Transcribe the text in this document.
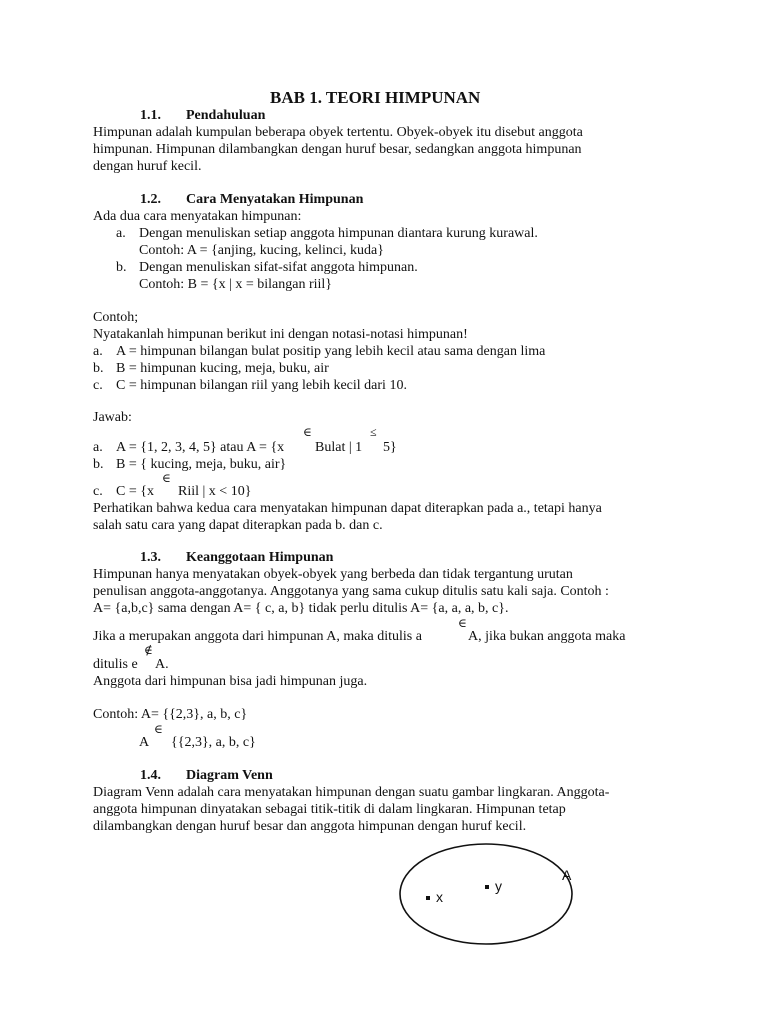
BAB 1. TEORI HIMPUNAN
1.1. Pendahuluan
Himpunan adalah kumpulan beberapa obyek tertentu. Obyek-obyek itu disebut anggota
himpunan. Himpunan dilambangkan dengan huruf besar, sedangkan anggota himpunan
dengan huruf kecil.
1.2. Cara Menyatakan Himpunan
Ada dua cara menyatakan himpunan:
a. Dengan menuliskan setiap anggota himpunan diantara kurung kurawal.
Contoh: A = {anjing, kucing, kelinci, kuda}
b. Dengan menuliskan sifat-sifat anggota himpunan.
Contoh: B = {x | x = bilangan riil}
Contoh;
Nyatakanlah himpunan berikut ini dengan notasi-notasi himpunan!
a. A = himpunan bilangan bulat positip yang lebih kecil atau sama dengan lima
b. B = himpunan kucing, meja, buku, air
c. C = himpunan bilangan riil yang lebih kecil dari 10.
Jawab:
∈	≤
a. A = {1, 2, 3, 4, 5} atau A = {x Bulat | 1 5}
b. B = { kucing, meja, buku, air}
∈
c. C = {x Riil | x < 10}
Perhatikan bahwa kedua cara menyatakan himpunan dapat diterapkan pada a., tetapi hanya
salah satu cara yang dapat diterapkan pada b. dan c.
1.3. Keanggotaan Himpunan
Himpunan hanya menyatakan obyek-obyek yang berbeda dan tidak tergantung urutan
penulisan anggota-anggotanya. Anggotanya yang sama cukup ditulis satu kali saja. Contoh :
A= {a,b,c} sama dengan A= { c, a, b} tidak perlu ditulis A= {a, a, a, b, c}.
∈
Jika a merupakan anggota dari himpunan A, maka ditulis a	A, jika bukan anggota maka
∉
ditulis e A.
Anggota dari himpunan bisa jadi himpunan juga.
Contoh: A= {{2,3}, a, b, c}
∈
A {{2,3}, a, b, c}
1.4. Diagram Venn
Diagram Venn adalah cara menyatakan himpunan dengan suatu gambar lingkaran. Anggota-
anggota himpunan dinyatakan sebagai titik-titik di dalam lingkaran. Himpunan tetap
dilambangkan dengan huruf besar dan anggota himpunan dengan huruf kecil.
A
x
y
